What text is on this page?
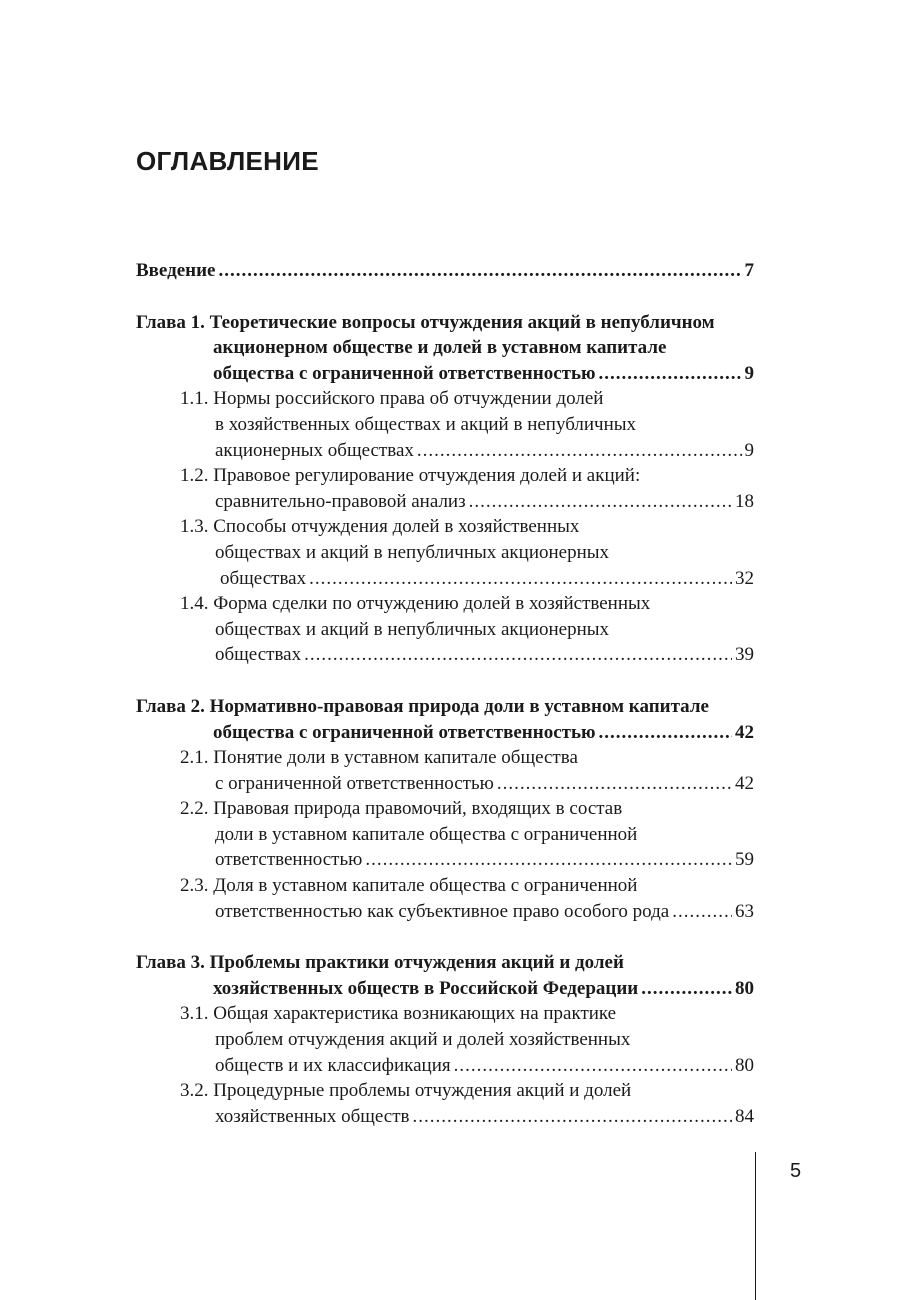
ОГЛАВЛЕНИЕ
Введение .....	7
Глава 1. Теоретические вопросы отчуждения акций в непубличном
акционерном обществе и долей в уставном капитале
общества с ограниченной ответственностью .....	9
1.1. Нормы российского права об отчуждении долей
в хозяйственных обществах и акций в непубличных
акционерных обществах .....	9
1.2. Правовое регулирование отчуждения долей и акций:
сравнительно-правовой анализ .....	18
1.3. Способы отчуждения долей в хозяйственных
обществах и акций в непубличных акционерных
обществах .....	32
1.4. Форма сделки по отчуждению долей в хозяйственных
обществах и акций в непубличных акционерных
обществах .....	39
Глава 2. Нормативно-правовая природа доли в уставном капитале
общества с ограниченной ответственностью .....	42
2.1. Понятие доли в уставном капитале общества
с ограниченной ответственностью .....	42
2.2. Правовая природа правомочий, входящих в состав
доли в уставном капитале общества с ограниченной
ответственностью .....	59
2.3. Доля в уставном капитале общества с ограниченной
ответственностью как субъективное право особого рода .....	63
Глава 3. Проблемы практики отчуждения акций и долей
хозяйственных обществ в Российской Федерации .....	80
3.1. Общая характеристика возникающих на практике
проблем отчуждения акций и долей хозяйственных
обществ и их классификация .....	80
3.2. Процедурные проблемы отчуждения акций и долей
хозяйственных обществ .....	84
5
